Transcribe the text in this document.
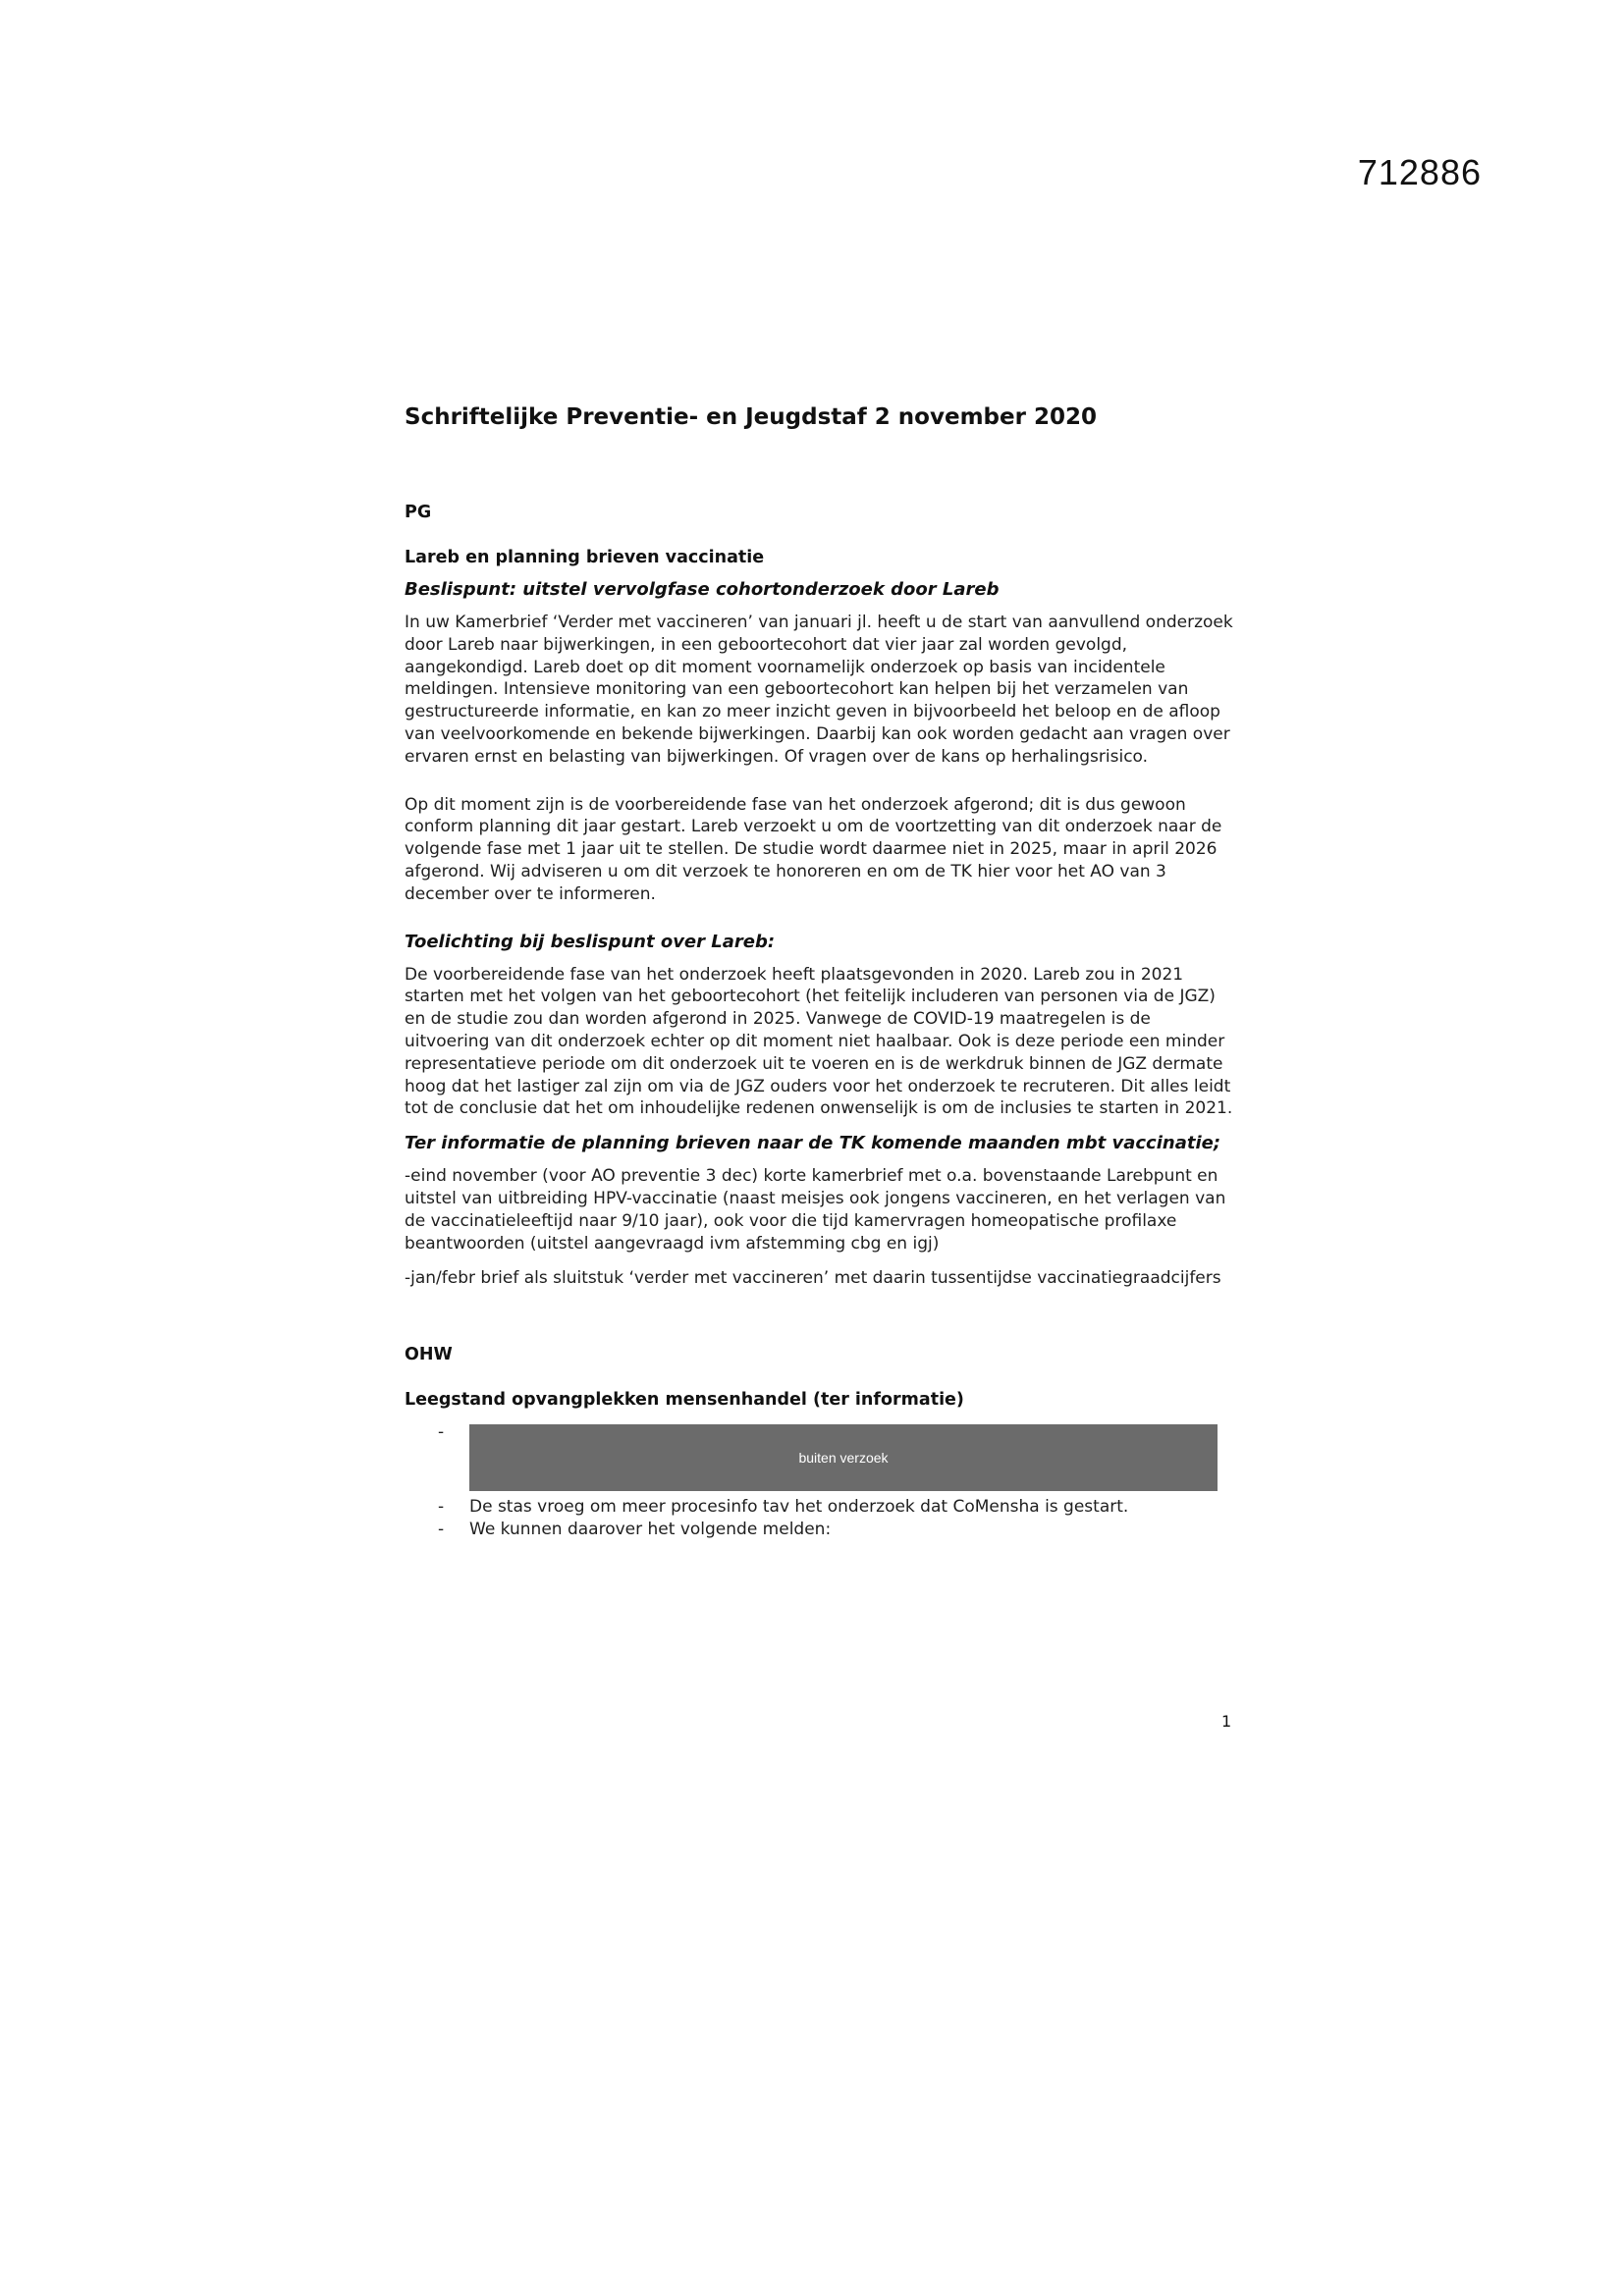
712886
Schriftelijke Preventie- en Jeugdstaf 2 november 2020
PG
Lareb en planning brieven vaccinatie
Beslispunt: uitstel vervolgfase cohortonderzoek door Lareb

In uw Kamerbrief ‘Verder met vaccineren’ van januari jl. heeft u de start van aanvullend onderzoek door Lareb naar bijwerkingen, in een geboortecohort dat vier jaar zal worden gevolgd, aangekondigd. Lareb doet op dit moment voornamelijk onderzoek op basis van incidentele meldingen. Intensieve monitoring van een geboortecohort kan helpen bij het verzamelen van gestructureerde informatie, en kan zo meer inzicht geven in bijvoorbeeld het beloop en de afloop van veelvoorkomende en bekende bijwerkingen. Daarbij kan ook worden gedacht aan vragen over ervaren ernst en belasting van bijwerkingen. Of vragen over de kans op herhalingsrisico.

Op dit moment zijn is de voorbereidende fase van het onderzoek afgerond; dit is dus gewoon conform planning dit jaar gestart. Lareb verzoekt u om de voortzetting van dit onderzoek naar de volgende fase met 1 jaar uit te stellen. De studie wordt daarmee niet in 2025, maar in april 2026 afgerond. Wij adviseren u om dit verzoek te honoreren en om de TK hier voor het AO van 3 december over te informeren.

Toelichting bij beslispunt over Lareb:

De voorbereidende fase van het onderzoek heeft plaatsgevonden in 2020. Lareb zou in 2021 starten met het volgen van het geboortecohort (het feitelijk includeren van personen via de JGZ) en de studie zou dan worden afgerond in 2025. Vanwege de COVID-19 maatregelen is de uitvoering van dit onderzoek echter op dit moment niet haalbaar. Ook is deze periode een minder representatieve periode om dit onderzoek uit te voeren en is de werkdruk binnen de JGZ dermate hoog dat het lastiger zal zijn om via de JGZ ouders voor het onderzoek te recruteren. Dit alles leidt tot de conclusie dat het om inhoudelijke redenen onwenselijk is om de inclusies te starten in 2021.

Ter informatie de planning brieven naar de TK komende maanden mbt vaccinatie;

-eind november (voor AO preventie 3 dec) korte kamerbrief met o.a. bovenstaande Larebpunt en uitstel van uitbreiding HPV-vaccinatie (naast meisjes ook jongens vaccineren, en het verlagen van de vaccinatieleeftijd naar 9/10 jaar), ook voor die tijd kamervragen homeopatische profilaxe beantwoorden (uitstel aangevraagd ivm afstemming cbg en igj)

-jan/febr brief als sluitstuk ‘verder met vaccineren’ met daarin tussentijdse vaccinatiegraadcijfers

OHW
Leegstand opvangplekken mensenhandel (ter informatie)
-
buiten verzoek
- De stas vroeg om meer procesinfo tav het onderzoek dat CoMensha is gestart.
- We kunnen daarover het volgende melden:
1
